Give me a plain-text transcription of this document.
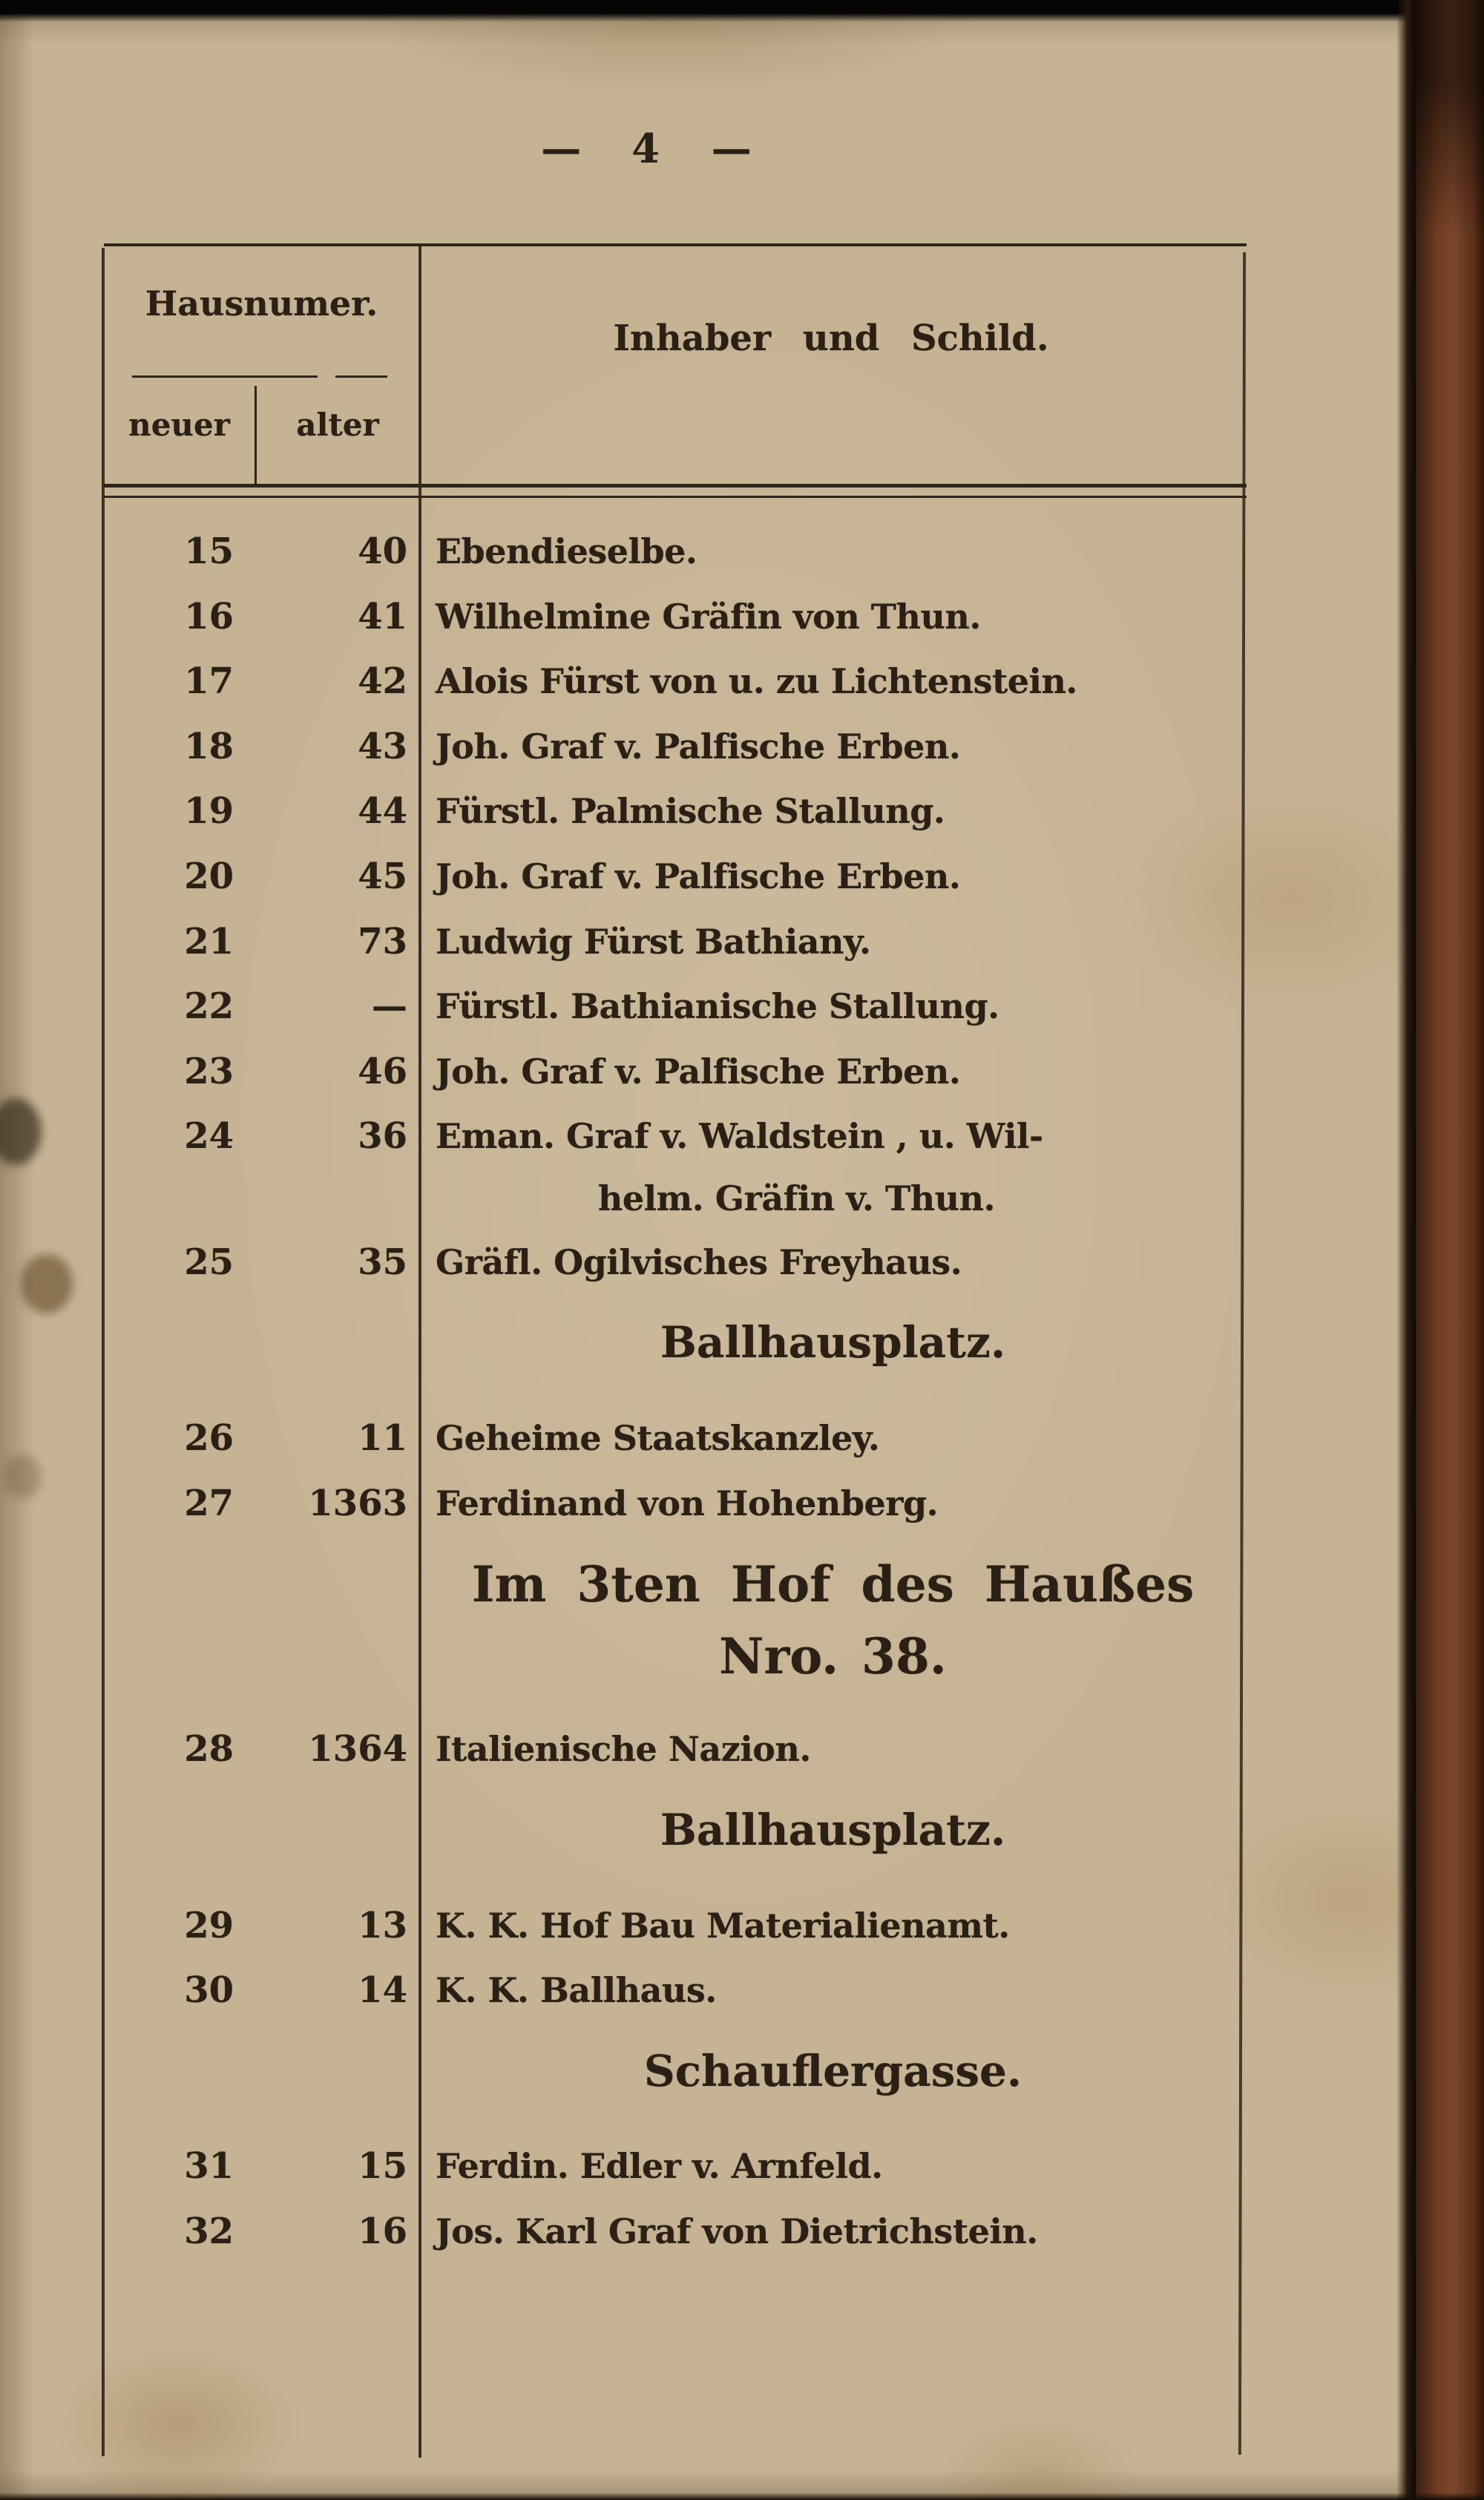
— 4 —
Hausnumer.
neuer	alter
Inhaber und Schild.
15	40 Ebendieselbe.
16	41 Wilhelmine Gräfin von Thun.
17	42 Alois Fürst von u. zu Lichtenstein.
18	43 Joh. Graf v. Palfische Erben.
19	44 Fürstl. Palmische Stallung.
20	45 Joh. Graf v. Palfische Erben.
21	73 Ludwig Fürst Bathiany.
22	— Fürstl. Bathianische Stallung.
23	46 Joh. Graf v. Palfische Erben.
24	36 Eman. Graf v. Waldstein , u. Wil-
helm. Gräfin v. Thun.
25	35 Gräfl. Ogilvisches Freyhaus.
Ballhausplatz.
26	11 Geheime Staatskanzley.
27	1363 Ferdinand von Hohenberg.
Im 3ten Hof des Haußes
Nro. 38.
28	1364 Italienische Nazion.
Ballhausplatz.
29	13 K. K. Hof Bau Materialienamt.
30	14 K. K. Ballhaus.
Schauflergasse.
31	15 Ferdin. Edler v. Arnfeld.
32	16 Jos. Karl Graf von Dietrichstein.
